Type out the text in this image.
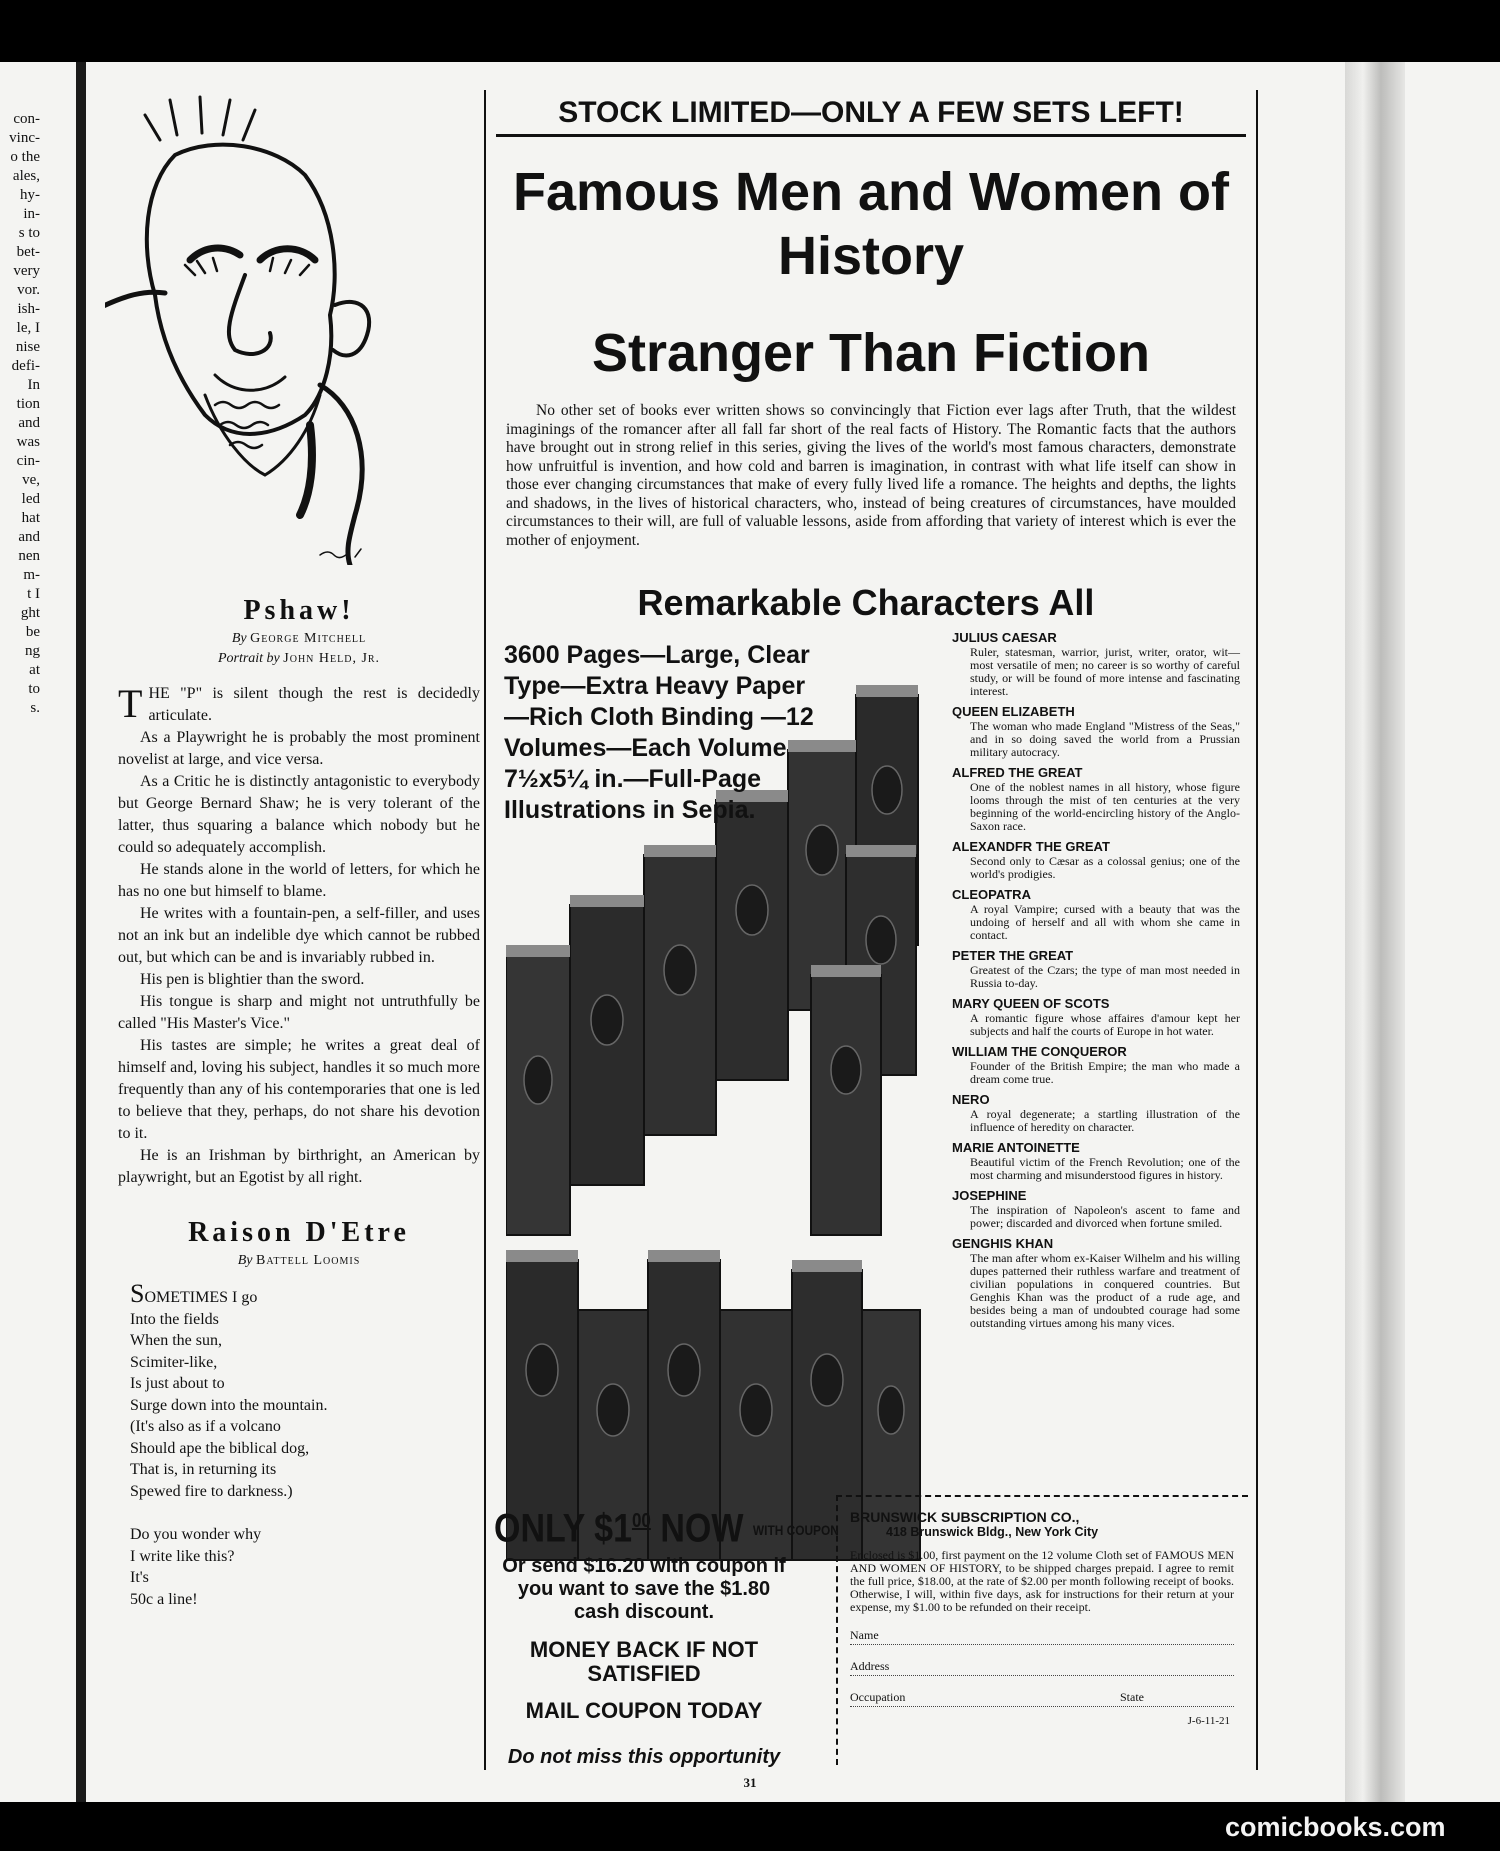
con-
vinc-
o the
ales,
hy-
in-
s to
bet-
very
vor.
ish-
le, I
nise
defi-
In
tion
and
was
cin-
ve,
led
hat
and
nen
m-
t I
ght
be
ng
at
to
s.
Pshaw!
By George Mitchell
Portrait by John Held, Jr.

THE "P" is silent though the rest is decidedly articulate.

As a Playwright he is probably the most prominent novelist at large, and vice versa.

As a Critic he is distinctly antagonistic to everybody but George Bernard Shaw; he is very tolerant of the latter, thus squaring a balance which nobody but he could so adequately accomplish.

He stands alone in the world of letters, for which he has no one but himself to blame.

He writes with a fountain-pen, a self-filler, and uses not an ink but an indelible dye which cannot be rubbed out, but which can be and is invariably rubbed in.

His pen is blightier than the sword.

His tongue is sharp and might not untruthfully be called "His Master's Vice."

His tastes are simple; he writes a great deal of himself and, loving his subject, handles it so much more frequently than any of his contemporaries that one is led to believe that they, perhaps, do not share his devotion to it.

He is an Irishman by birthright, an American by playwright, but an Egotist by all right.

Raison D'Etre
By Battell Loomis
SOMETIMES I go
Into the fields
When the sun,
Scimiter-like,
Is just about to
Surge down into the mountain.
(It's also as if a volcano
Should ape the biblical dog,
That is, in returning its
Spewed fire to darkness.)
Do you wonder why
I write like this?
It's
50c a line!
STOCK LIMITED—ONLY A FEW SETS LEFT!
Famous Men and Women of History
Stranger Than Fiction

No other set of books ever written shows so convincingly that Fiction ever lags after Truth, that the wildest imaginings of the romancer after all fall far short of the real facts of History. The Romantic facts that the authors have brought out in strong relief in this series, giving the lives of the world's most famous characters, demonstrate how unfruitful is invention, and how cold and barren is imagination, in contrast with what life itself can show in those ever changing circumstances that make of every fully lived life a romance. The heights and depths, the lights and shadows, in the lives of historical characters, who, instead of being creatures of circumstances, have moulded circumstances to their will, are full of valuable lessons, aside from affording that variety of interest which is ever the mother of enjoyment.

Remarkable Characters All

3600 Pages—Large, Clear Type—Extra Heavy Paper —Rich Cloth Binding —12 Volumes—Each Volume 7½x5¼ in.—Full-Page Illustrations in Sepia.

JULIUS CAESAR
Ruler, statesman, warrior, jurist, writer, orator, wit—most versatile of men; no career is so worthy of careful study, or will be found of more intense and fascinating interest.
QUEEN ELIZABETH
The woman who made England "Mistress of the Seas," and in so doing saved the world from a Prussian military autocracy.
ALFRED THE GREAT
One of the noblest names in all history, whose figure looms through the mist of ten centuries at the very beginning of the world-encircling history of the Anglo-Saxon race.
ALEXANDFR THE GREAT
Second only to Cæsar as a colossal genius; one of the world's prodigies.
CLEOPATRA
A royal Vampire; cursed with a beauty that was the undoing of herself and all with whom she came in contact.
PETER THE GREAT
Greatest of the Czars; the type of man most needed in Russia to-day.
MARY QUEEN OF SCOTS
A romantic figure whose affaires d'amour kept her subjects and half the courts of Europe in hot water.
WILLIAM THE CONQUEROR
Founder of the British Empire; the man who made a dream come true.
NERO
A royal degenerate; a startling illustration of the influence of heredity on character.
MARIE ANTOINETTE
Beautiful victim of the French Revolution; one of the most charming and misunderstood figures in history.
JOSEPHINE
The inspiration of Napoleon's ascent to fame and power; discarded and divorced when fortune smiled.
GENGHIS KHAN
The man after whom ex-Kaiser Wilhelm and his willing dupes patterned their ruthless warfare and treatment of civilian populations in conquered countries. But Genghis Khan was the product of a rude age, and besides being a man of undoubted courage had some outstanding virtues among his many vices.
ONLY $\$1^{00}$ NOW WITH COUPON
Or send $16.20 with coupon if you want to save the $1.80 cash discount.
MONEY BACK IF NOT SATISFIED
MAIL COUPON TODAY
Do not miss this opportunity
BRUNSWICK SUBSCRIPTION CO.,
418 Brunswick Bldg., New York City
Enclosed is $1.00, first payment on the 12 volume Cloth set of FAMOUS MEN AND WOMEN OF HISTORY, to be shipped charges prepaid. I agree to remit the full price, $18.00, at the rate of $2.00 per month following receipt of books. Otherwise, I will, within five days, ask for instructions for their return at your expense, my $1.00 to be refunded on their receipt.
Name
Address
Occupation	State
J-6-11-21
31
comicbooks.com
